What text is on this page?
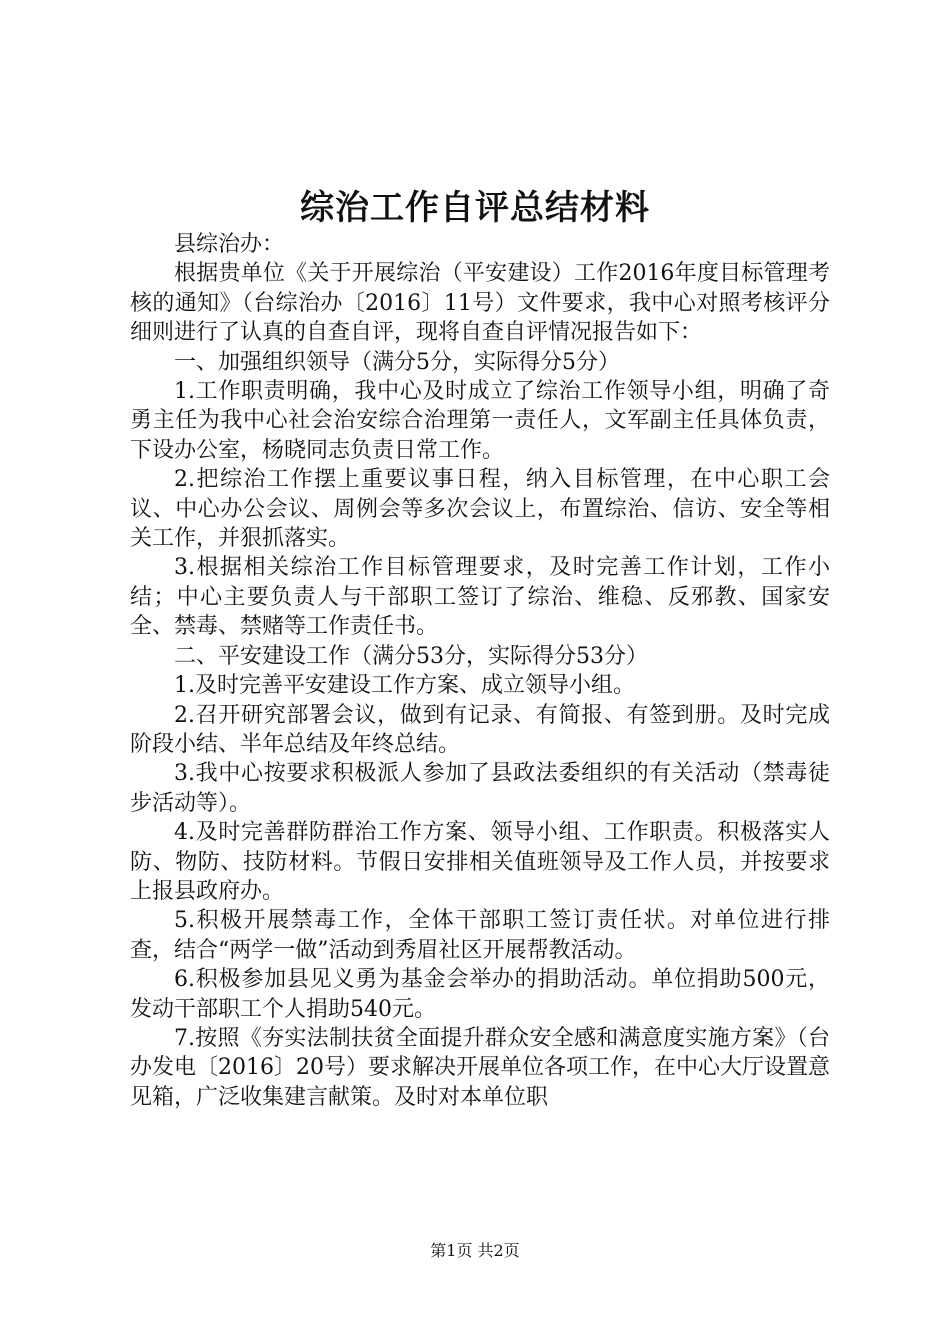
综治工作自评总结材料

县综治办：

根据贵单位《关于开展综治（平安建设）工作2016年度目标管理考核的通知》（台综治办〔2016〕11号）文件要求，我中心对照考核评分细则进行了认真的自查自评，现将自查自评情况报告如下：

一、加强组织领导（满分5分，实际得分5分）

1.工作职责明确，我中心及时成立了综治工作领导小组，明确了奇勇主任为我中心社会治安综合治理第一责任人，文军副主任具体负责，下设办公室，杨晓同志负责日常工作。

2.把综治工作摆上重要议事日程，纳入目标管理，在中心职工会议、中心办公会议、周例会等多次会议上，布置综治、信访、安全等相关工作，并狠抓落实。

3.根据相关综治工作目标管理要求，及时完善工作计划，工作小结；中心主要负责人与干部职工签订了综治、维稳、反邪教、国家安全、禁毒、禁赌等工作责任书。

二、平安建设工作（满分53分，实际得分53分）

1.及时完善平安建设工作方案、成立领导小组。

2.召开研究部署会议，做到有记录、有简报、有签到册。及时完成阶段小结、半年总结及年终总结。

3.我中心按要求积极派人参加了县政法委组织的有关活动（禁毒徒步活动等）。

4.及时完善群防群治工作方案、领导小组、工作职责。积极落实人防、物防、技防材料。节假日安排相关值班领导及工作人员，并按要求上报县政府办。

5.积极开展禁毒工作，全体干部职工签订责任状。对单位进行排查，结合“两学一做”活动到秀眉社区开展帮教活动。

6.积极参加县见义勇为基金会举办的捐助活动。单位捐助500元，发动干部职工个人捐助540元。

7.按照《夯实法制扶贫全面提升群众安全感和满意度实施方案》（台办发电〔2016〕20号）要求解决开展单位各项工作，在中心大厅设置意见箱，广泛收集建言献策。及时对本单位职

第1页 共2页
